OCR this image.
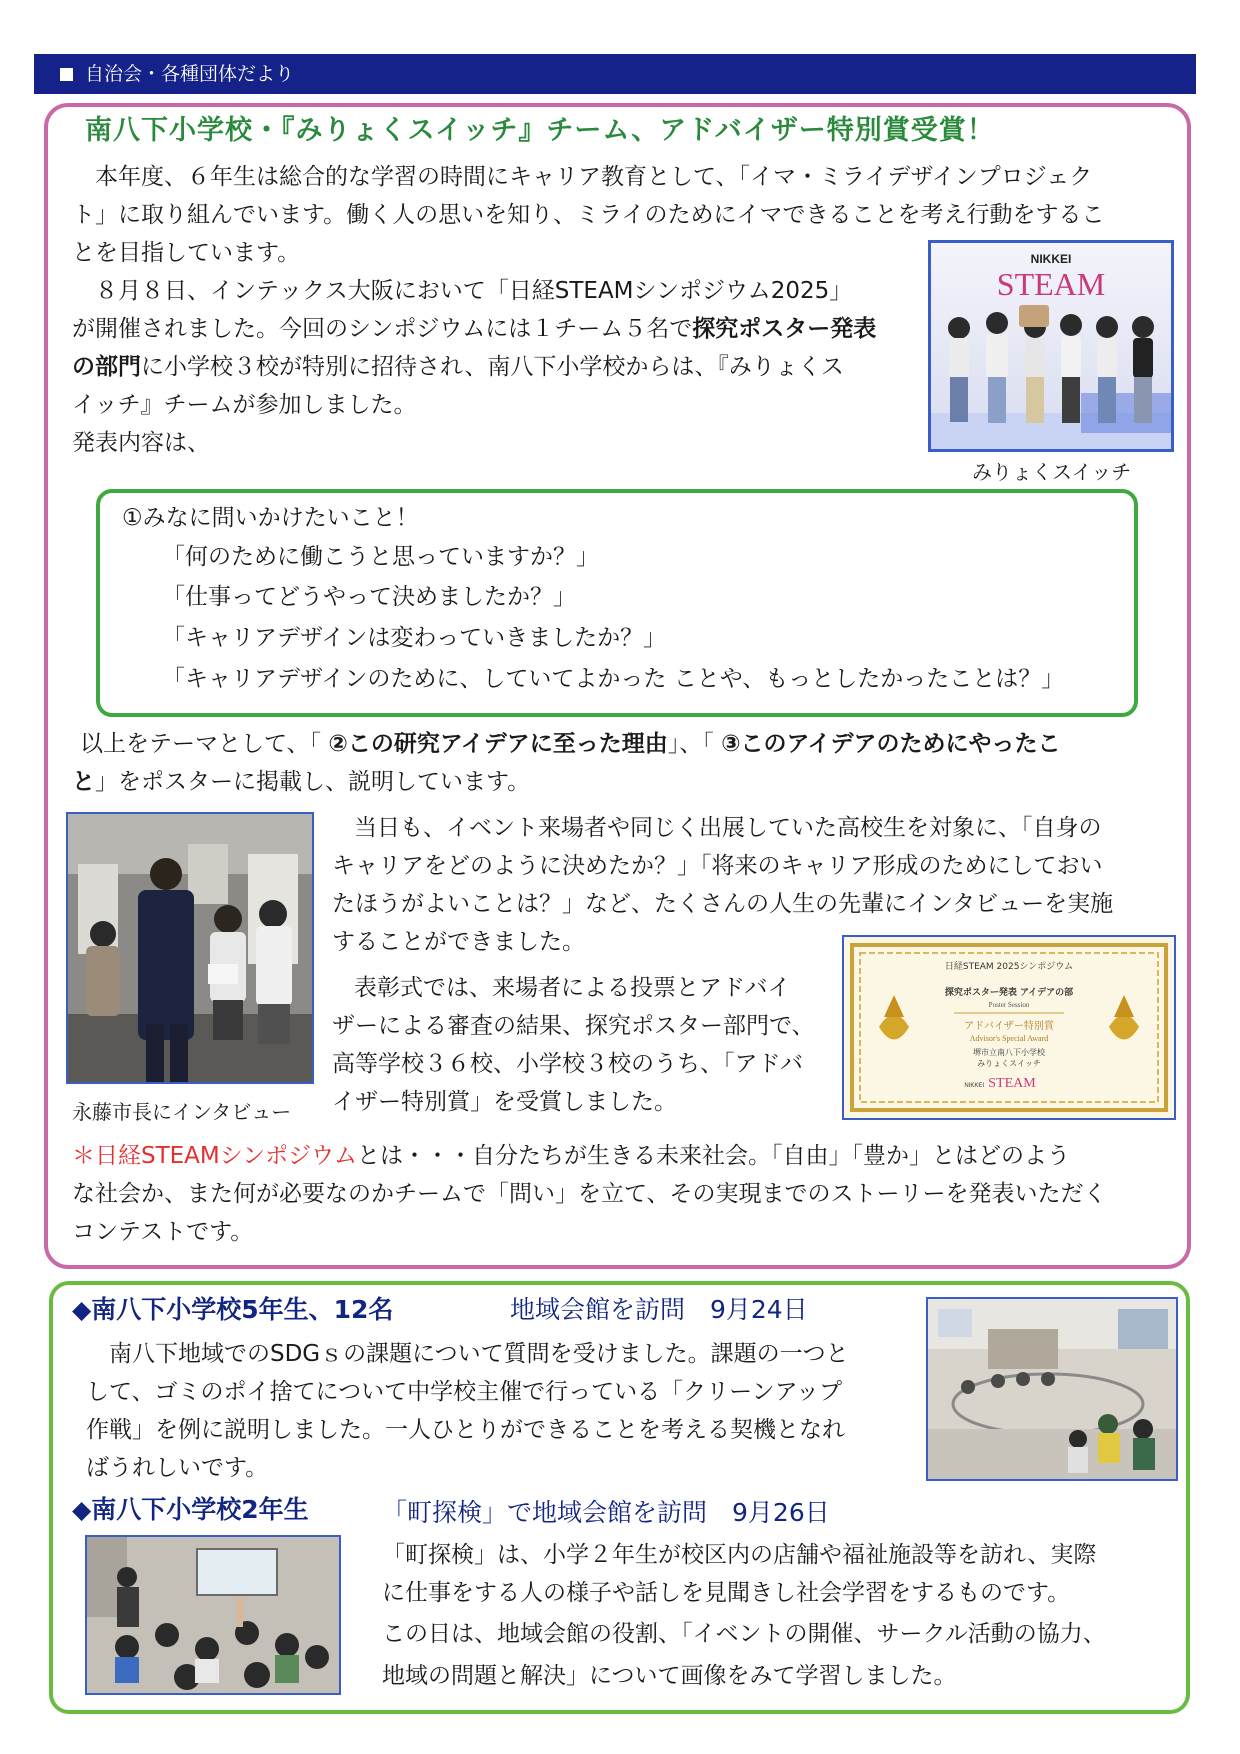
自治会・各種団体だより
南八下小学校・『みりょくスイッチ』チーム、アドバイザー特別賞受賞！
　本年度、６年生は総合的な学習の時間にキャリア教育として、「イマ・ミライデザインプロジェク
ト」に取り組んでいます。働く人の思いを知り、ミライのためにイマできることを考え行動をするこ
とを目指しています。
　８月８日、インテックス大阪において「日経STEAMシンポジウム2025」
が開催されました。今回のシンポジウムには１チーム５名で探究ポスター発表
の部門に小学校３校が特別に招待され、南八下小学校からは、『みりょくス
イッチ』チームが参加しました。
発表内容は、
NIKKEI
STEAM
みりょくスイッチ
①みなに問いかけたいこと！
「何のために働こうと思っていますか？」
「仕事ってどうやって決めましたか？」
「キャリアデザインは変わっていきましたか？」
「キャリアデザインのために、していてよかった ことや、もっとしたかったことは？」
以上をテーマとして、「 ②この研究アイデアに至った理由」、「 ③このアイデアのためにやったこ
と」をポスターに掲載し、説明しています。
永藤市長にインタビュー
当日も、イベント来場者や同じく出展していた高校生を対象に、「自身の
キャリアをどのように決めたか？」「将来のキャリア形成のためにしておい
たほうがよいことは？」など、たくさんの人生の先輩にインタビューを実施
することができました。
表彰式では、来場者による投票とアドバイ
ザーによる審査の結果、探究ポスター部門で、
高等学校３６校、小学校３校のうち、「アドバ
イザー特別賞」を受賞しました。
日経STEAM 2025シンポジウム
探究ポスター発表 アイデアの部
Poster Session
アドバイザー特別賞
Advisor's Special Award
堺市立南八下小学校
みりょくスイッチ
NIKKEI STEAM
＊日経STEAMシンポジウムとは・・・自分たちが生きる未来社会。「自由」「豊か」とはどのよう
な社会か、また何が必要なのかチームで「問い」を立て、その実現までのストーリーを発表いただく
コンテストです。
◆南八下小学校5年生、12名	地域会館を訪問　9月24日
　南八下地域でのSDGｓの課題について質問を受けました。課題の一つと
して、ゴミのポイ捨てについて中学校主催で行っている「クリーンアップ
作戦」を例に説明しました。一人ひとりができることを考える契機となれ
ばうれしいです。
◆南八下小学校2年生	「町探検」で地域会館を訪問　9月26日
「町探検」は、小学２年生が校区内の店舗や福祉施設等を訪れ、実際
に仕事をする人の様子や話しを見聞きし社会学習をするものです。
この日は、地域会館の役割、「イベントの開催、サークル活動の協力、
地域の問題と解決」について画像をみて学習しました。
